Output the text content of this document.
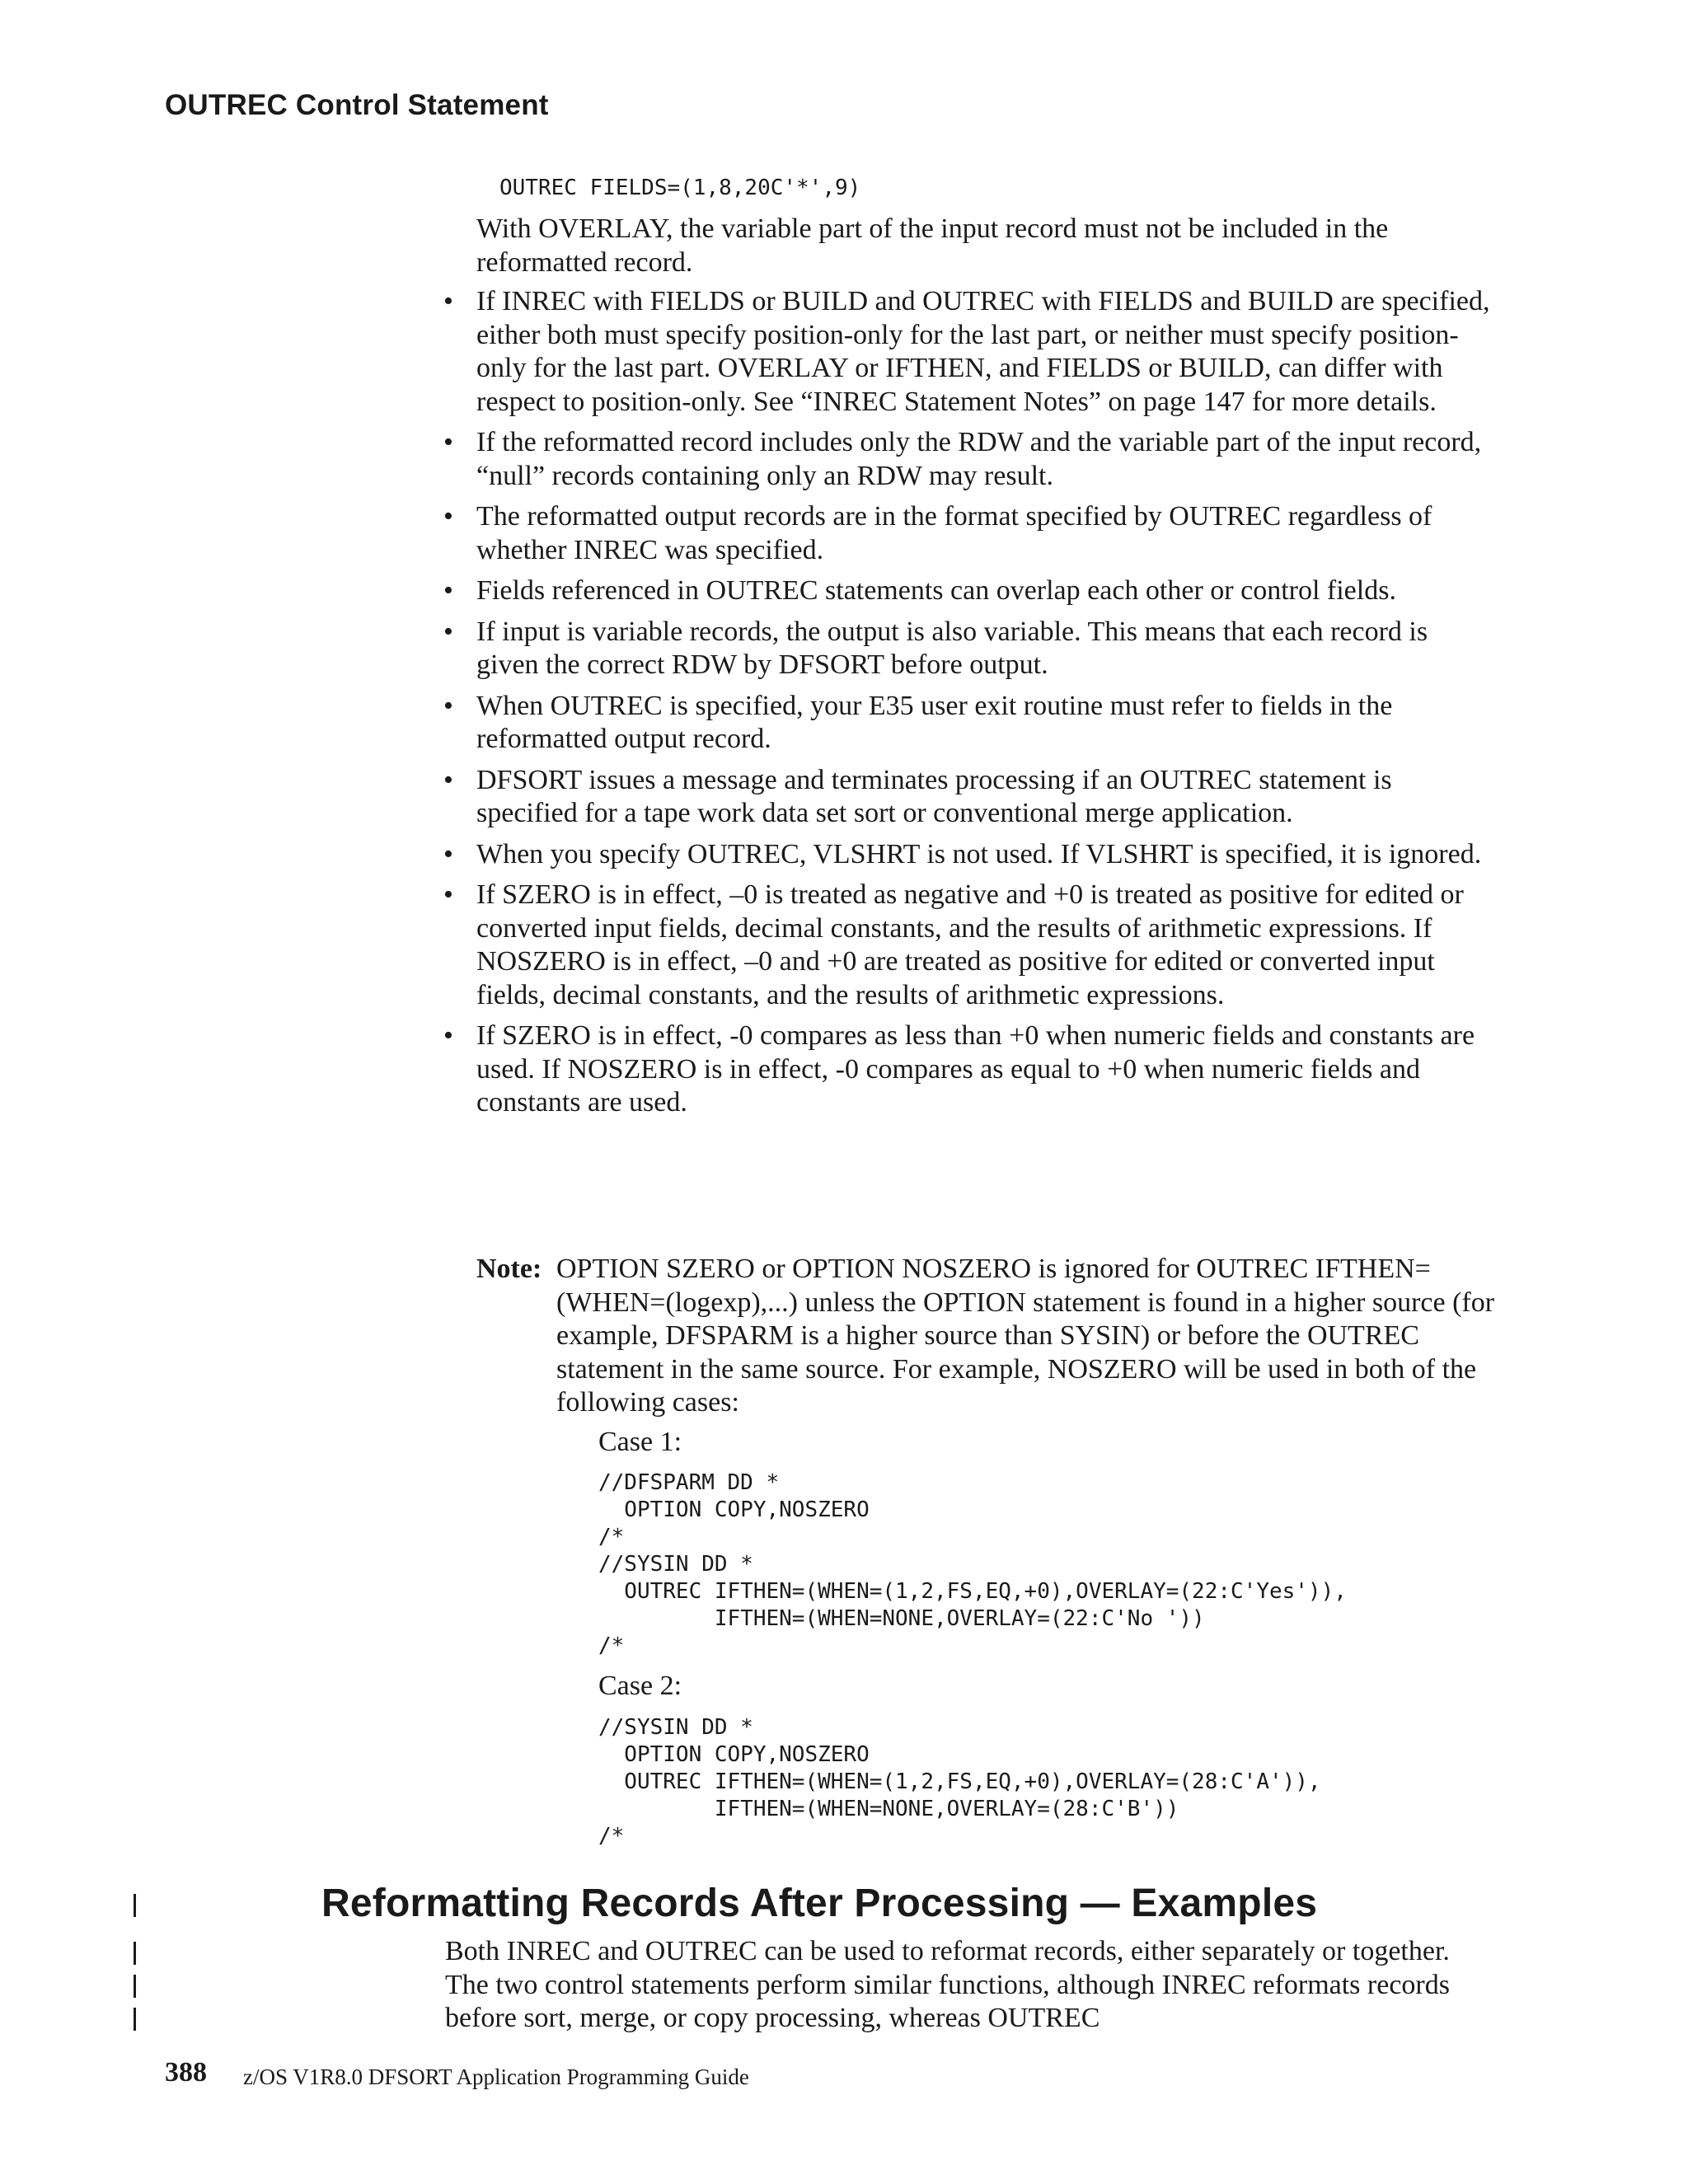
OUTREC Control Statement
OUTREC FIELDS=(1,8,20C'*',9)
With OVERLAY, the variable part of the input record must not be included in the reformatted record.
• If INREC with FIELDS or BUILD and OUTREC with FIELDS and BUILD are specified, either both must specify position-only for the last part, or neither must specify position-only for the last part. OVERLAY or IFTHEN, and FIELDS or BUILD, can differ with respect to position-only. See “INREC Statement Notes” on page 147 for more details.
• If the reformatted record includes only the RDW and the variable part of the input record, “null” records containing only an RDW may result.
• The reformatted output records are in the format specified by OUTREC regardless of whether INREC was specified.
• Fields referenced in OUTREC statements can overlap each other or control fields.
• If input is variable records, the output is also variable. This means that each record is given the correct RDW by DFSORT before output.
• When OUTREC is specified, your E35 user exit routine must refer to fields in the reformatted output record.
• DFSORT issues a message and terminates processing if an OUTREC statement is specified for a tape work data set sort or conventional merge application.
• When you specify OUTREC, VLSHRT is not used. If VLSHRT is specified, it is ignored.
• If SZERO is in effect, –0 is treated as negative and +0 is treated as positive for edited or converted input fields, decimal constants, and the results of arithmetic expressions. If NOSZERO is in effect, –0 and +0 are treated as positive for edited or converted input fields, decimal constants, and the results of arithmetic expressions.
• If SZERO is in effect, -0 compares as less than +0 when numeric fields and constants are used. If NOSZERO is in effect, -0 compares as equal to +0 when numeric fields and constants are used.
Note: OPTION SZERO or OPTION NOSZERO is ignored for OUTREC IFTHEN=(WHEN=(logexp),...) unless the OPTION statement is found in a higher source (for example, DFSPARM is a higher source than SYSIN) or before the OUTREC statement in the same source. For example, NOSZERO will be used in both of the following cases:
Case 1:
//DFSPARM DD *
OPTION COPY,NOSZERO
/*
//SYSIN DD *
OUTREC IFTHEN=(WHEN=(1,2,FS,EQ,+0),OVERLAY=(22:C'Yes')),
IFTHEN=(WHEN=NONE,OVERLAY=(22:C'No '))
/*
Case 2:
//SYSIN DD *
OPTION COPY,NOSZERO
OUTREC IFTHEN=(WHEN=(1,2,FS,EQ,+0),OVERLAY=(28:C'A')),
IFTHEN=(WHEN=NONE,OVERLAY=(28:C'B'))
/*
Reformatting Records After Processing — Examples
Both INREC and OUTREC can be used to reformat records, either separately or together. The two control statements perform similar functions, although INREC reformats records before sort, merge, or copy processing, whereas OUTREC
388 z/OS V1R8.0 DFSORT Application Programming Guide
